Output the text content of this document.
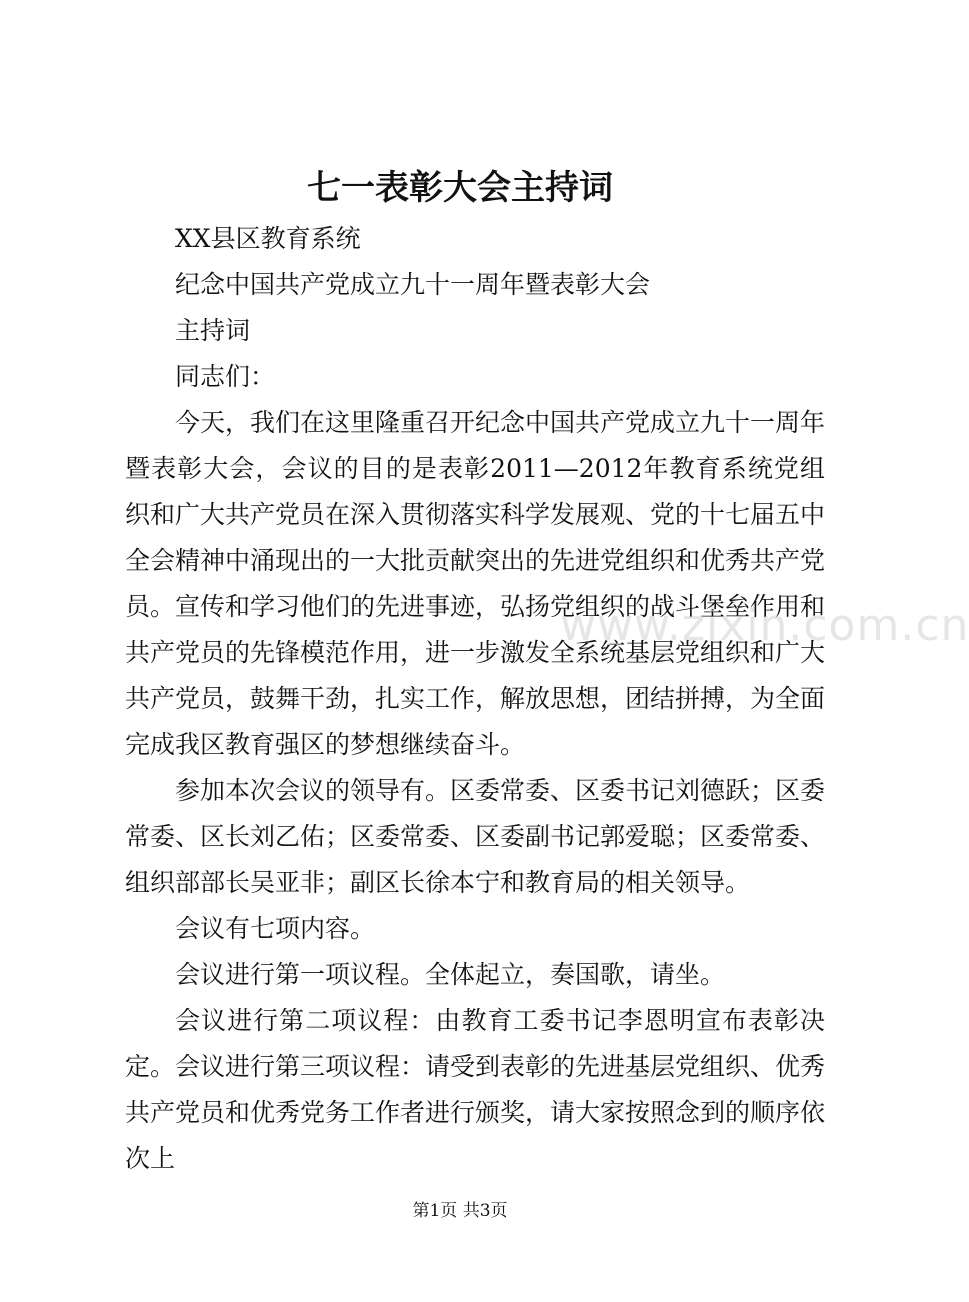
七一表彰大会主持词

XX县区教育系统

纪念中国共产党成立九十一周年暨表彰大会

主持词

同志们：

今天，我们在这里隆重召开纪念中国共产党成立九十一周年暨表彰大会，会议的目的是表彰2011—2012年教育系统党组织和广大共产党员在深入贯彻落实科学发展观、党的十七届五中全会精神中涌现出的一大批贡献突出的先进党组织和优秀共产党员。宣传和学习他们的先进事迹，弘扬党组织的战斗堡垒作用和共产党员的先锋模范作用，进一步激发全系统基层党组织和广大共产党员，鼓舞干劲，扎实工作，解放思想，团结拼搏，为全面完成我区教育强区的梦想继续奋斗。

参加本次会议的领导有。区委常委、区委书记刘德跃；区委常委、区长刘乙佑；区委常委、区委副书记郭爱聪；区委常委、组织部部长吴亚非；副区长徐本宁和教育局的相关领导。

会议有七项内容。

会议进行第一项议程。全体起立，奏国歌，请坐。

会议进行第二项议程：由教育工委书记李恩明宣布表彰决定。会议进行第三项议程：请受到表彰的先进基层党组织、优秀共产党员和优秀党务工作者进行颁奖，请大家按照念到的顺序依次上

www.zixin.com.cn
第1页 共3页
